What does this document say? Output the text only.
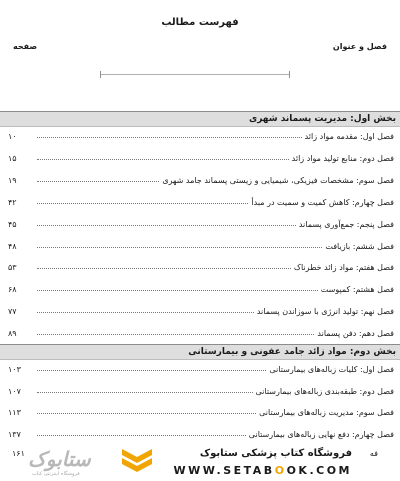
فهرست مطالب
فصل و عنوان
صفحه
بخش اول: مدیریت پسماند شهری
۱۰	فصل اول: مقدمه مواد زائد
۱۵	فصل دوم: منابع تولید مواد زائد
۱۹	فصل سوم: مشخصات فیزیکی، شیمیایی و زیستی پسماند جامد شهری
۴۲	فصل چهارم: کاهش کمیت و سمیت در مبدأ
۴۵	فصل پنجم: جمع‌آوری پسماند
۴۸	فصل ششم: بازیافت
۵۳	فصل هفتم: مواد زائد خطرناک
۶۸	فصل هشتم: کمپوست
۷۷	فصل نهم: تولید انرژی با سوزاندن پسماند
۸۹	فصل دهم: دفن پسماند
بخش دوم: مواد زائد جامد عفونی و بیمارستانی
۱۰۳	فصل اول: کلیات زباله‌های بیمارستانی
۱۰۷	فصل دوم: طبقه‌بندی زباله‌های بیمارستانی
۱۱۳	فصل سوم: مدیریت زباله‌های بیمارستانی
۱۳۷	فصل چهارم: دفع نهایی زباله‌های بیمارستانی
۱۶۱	فه
ستابوک
فروشگاه اینترنتی کتاب
فروشگاه کتاب پزشکی ستابوک
WWW.SETABOOK.COM
